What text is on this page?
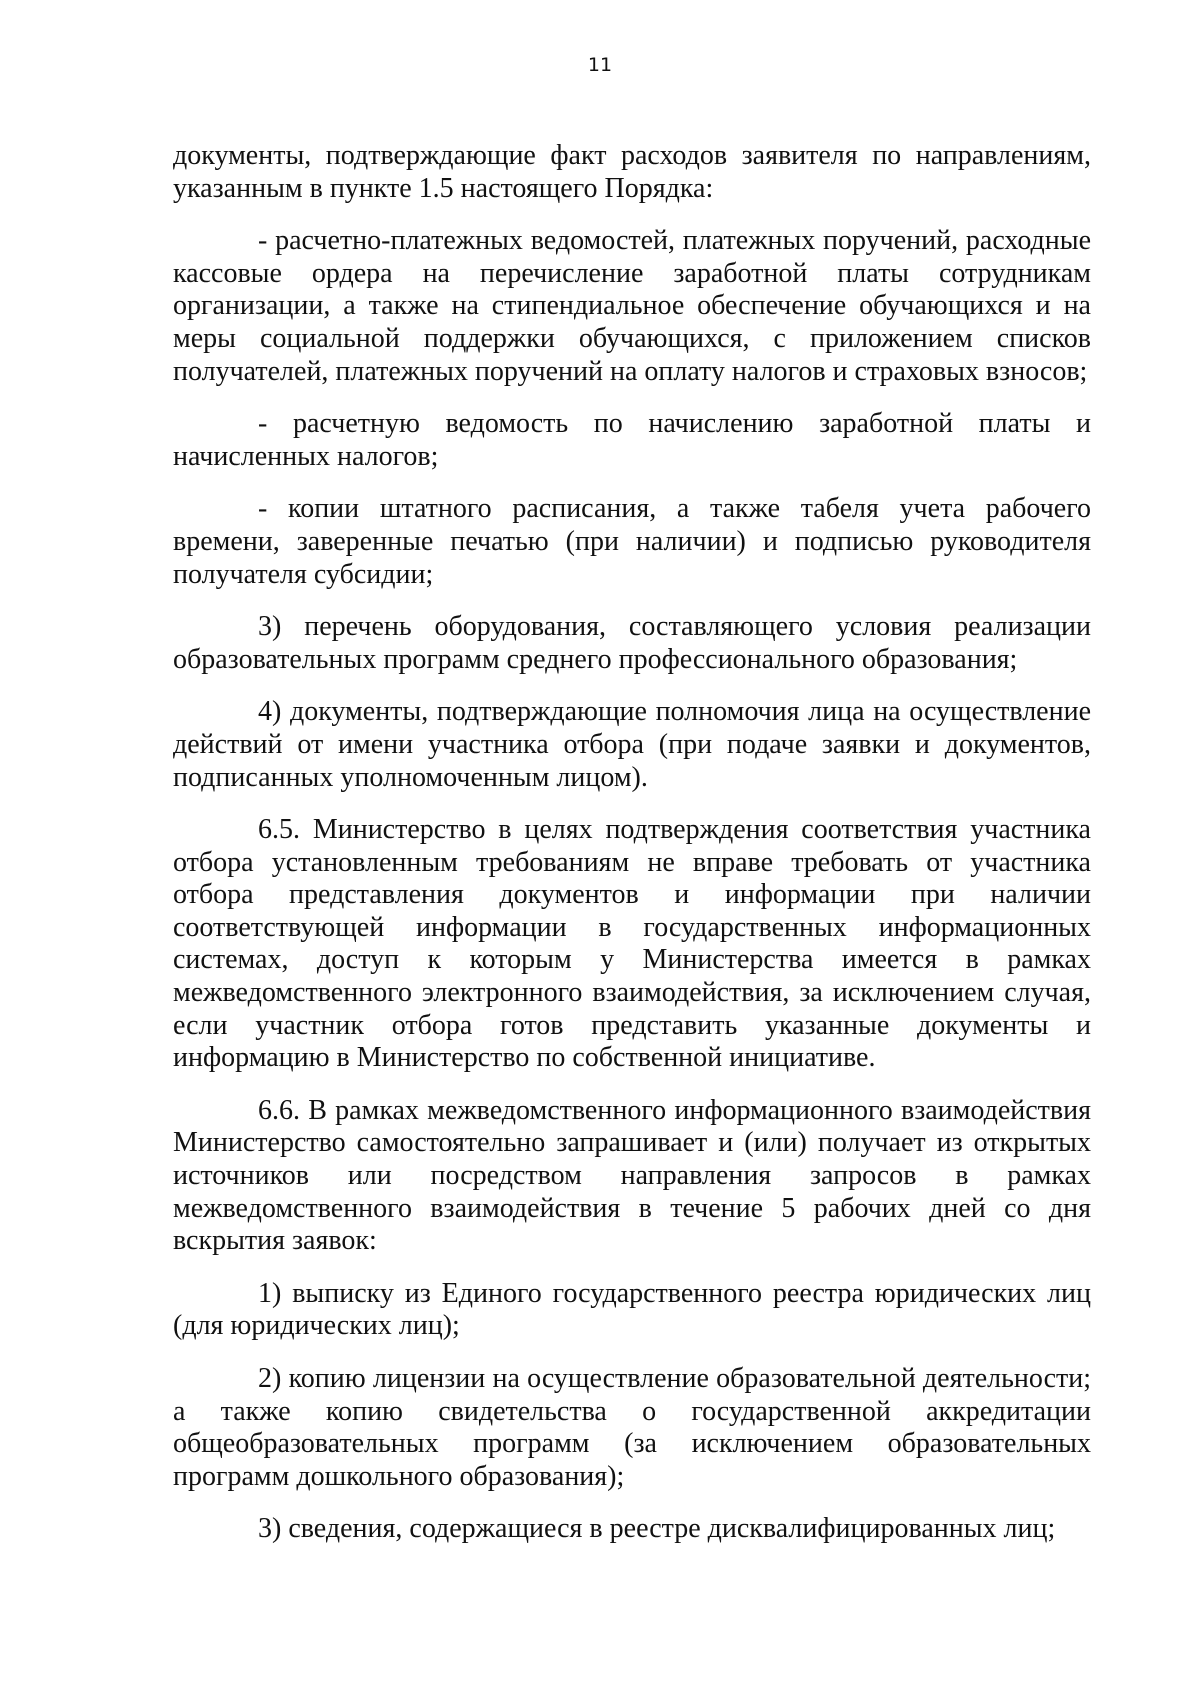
11

документы, подтверждающие факт расходов заявителя по направлениям, указанным в пункте 1.5 настоящего Порядка:

- расчетно-платежных ведомостей, платежных поручений, расходные кассовые ордера на перечисление заработной платы сотрудникам организации, а также на стипендиальное обеспечение обучающихся и на меры социальной поддержки обучающихся, с приложением списков получателей, платежных поручений на оплату налогов и страховых взносов;

- расчетную ведомость по начислению заработной платы и начисленных налогов;

- копии штатного расписания, а также табеля учета рабочего времени, заверенные печатью (при наличии) и подписью руководителя получателя субсидии;

3) перечень оборудования, составляющего условия реализации образовательных программ среднего профессионального образования;

4) документы, подтверждающие полномочия лица на осуществление действий от имени участника отбора (при подаче заявки и документов, подписанных уполномоченным лицом).

6.5. Министерство в целях подтверждения соответствия участника отбора установленным требованиям не вправе требовать от участника отбора представления документов и информации при наличии соответствующей информации в государственных информационных системах, доступ к которым у Министерства имеется в рамках межведомственного электронного взаимодействия, за исключением случая, если участник отбора готов представить указанные документы и информацию в Министерство по собственной инициативе.

6.6. В рамках межведомственного информационного взаимодействия Министерство самостоятельно запрашивает и (или) получает из открытых источников или посредством направления запросов в рамках межведомственного взаимодействия в течение 5 рабочих дней со дня вскрытия заявок:

1) выписку из Единого государственного реестра юридических лиц (для юридических лиц);

2) копию лицензии на осуществление образовательной деятельности; а также копию свидетельства о государственной аккредитации общеобразовательных программ (за исключением образовательных программ дошкольного образования);

3) сведения, содержащиеся в реестре дисквалифицированных лиц;
